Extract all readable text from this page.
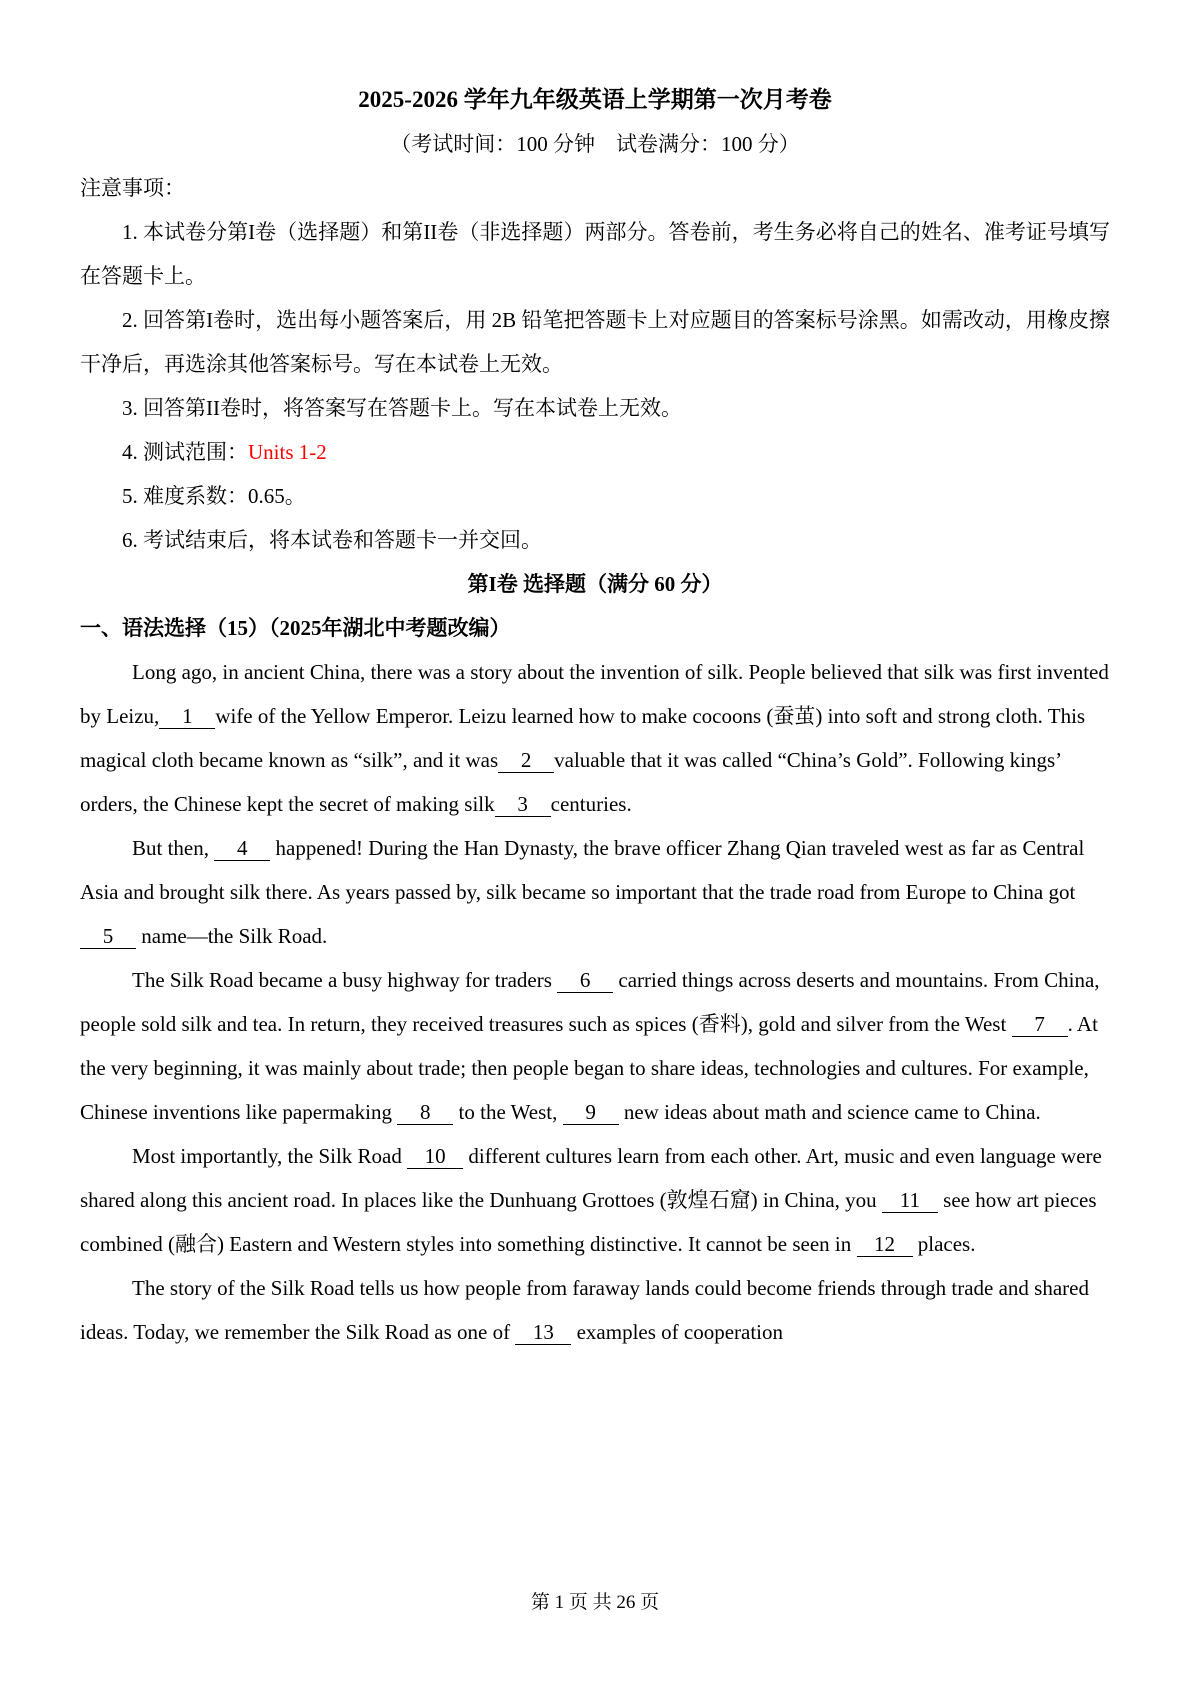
2025-2026 学年九年级英语上学期第一次月考卷
（考试时间：100 分钟　试卷满分：100 分）
注意事项：

1. 本试卷分第I卷（选择题）和第II卷（非选择题）两部分。答卷前，考生务必将自己的姓名、准考证号填写在答题卡上。

2. 回答第I卷时，选出每小题答案后，用 2B 铅笔把答题卡上对应题目的答案标号涂黑。如需改动，用橡皮擦干净后，再选涂其他答案标号。写在本试卷上无效。

3. 回答第II卷时，将答案写在答题卡上。写在本试卷上无效。

4. 测试范围：Units 1-2

5. 难度系数：0.65。

6. 考试结束后，将本试卷和答题卡一并交回。

第I卷 选择题（满分 60 分）
一、语法选择（15）（2025年湖北中考题改编）

Long ago, in ancient China, there was a story about the invention of silk. People believed that silk was first invented by Leizu, 1 wife of the Yellow Emperor. Leizu learned how to make cocoons (蚕茧) into soft and strong cloth. This magical cloth became known as “silk”, and it was 2 valuable that it was called “China’s Gold”. Following kings’ orders, the Chinese kept the secret of making silk 3 centuries.

But then, 4 happened! During the Han Dynasty, the brave officer Zhang Qian traveled west as far as Central Asia and brought silk there. As years passed by, silk became so important that the trade road from Europe to China got 5 name—the Silk Road.

The Silk Road became a busy highway for traders 6 carried things across deserts and mountains. From China, people sold silk and tea. In return, they received treasures such as spices (香料), gold and silver from the West 7 . At the very beginning, it was mainly about trade; then people began to share ideas, technologies and cultures. For example, Chinese inventions like papermaking 8 to the West, 9 new ideas about math and science came to China.

Most importantly, the Silk Road 10 different cultures learn from each other. Art, music and even language were shared along this ancient road. In places like the Dunhuang Grottoes (敦煌石窟) in China, you 11 see how art pieces combined (融合) Eastern and Western styles into something distinctive. It cannot be seen in 12 places.

The story of the Silk Road tells us how people from faraway lands could become friends through trade and shared ideas. Today, we remember the Silk Road as one of 13 examples of cooperation

第 1 页 共 26 页
